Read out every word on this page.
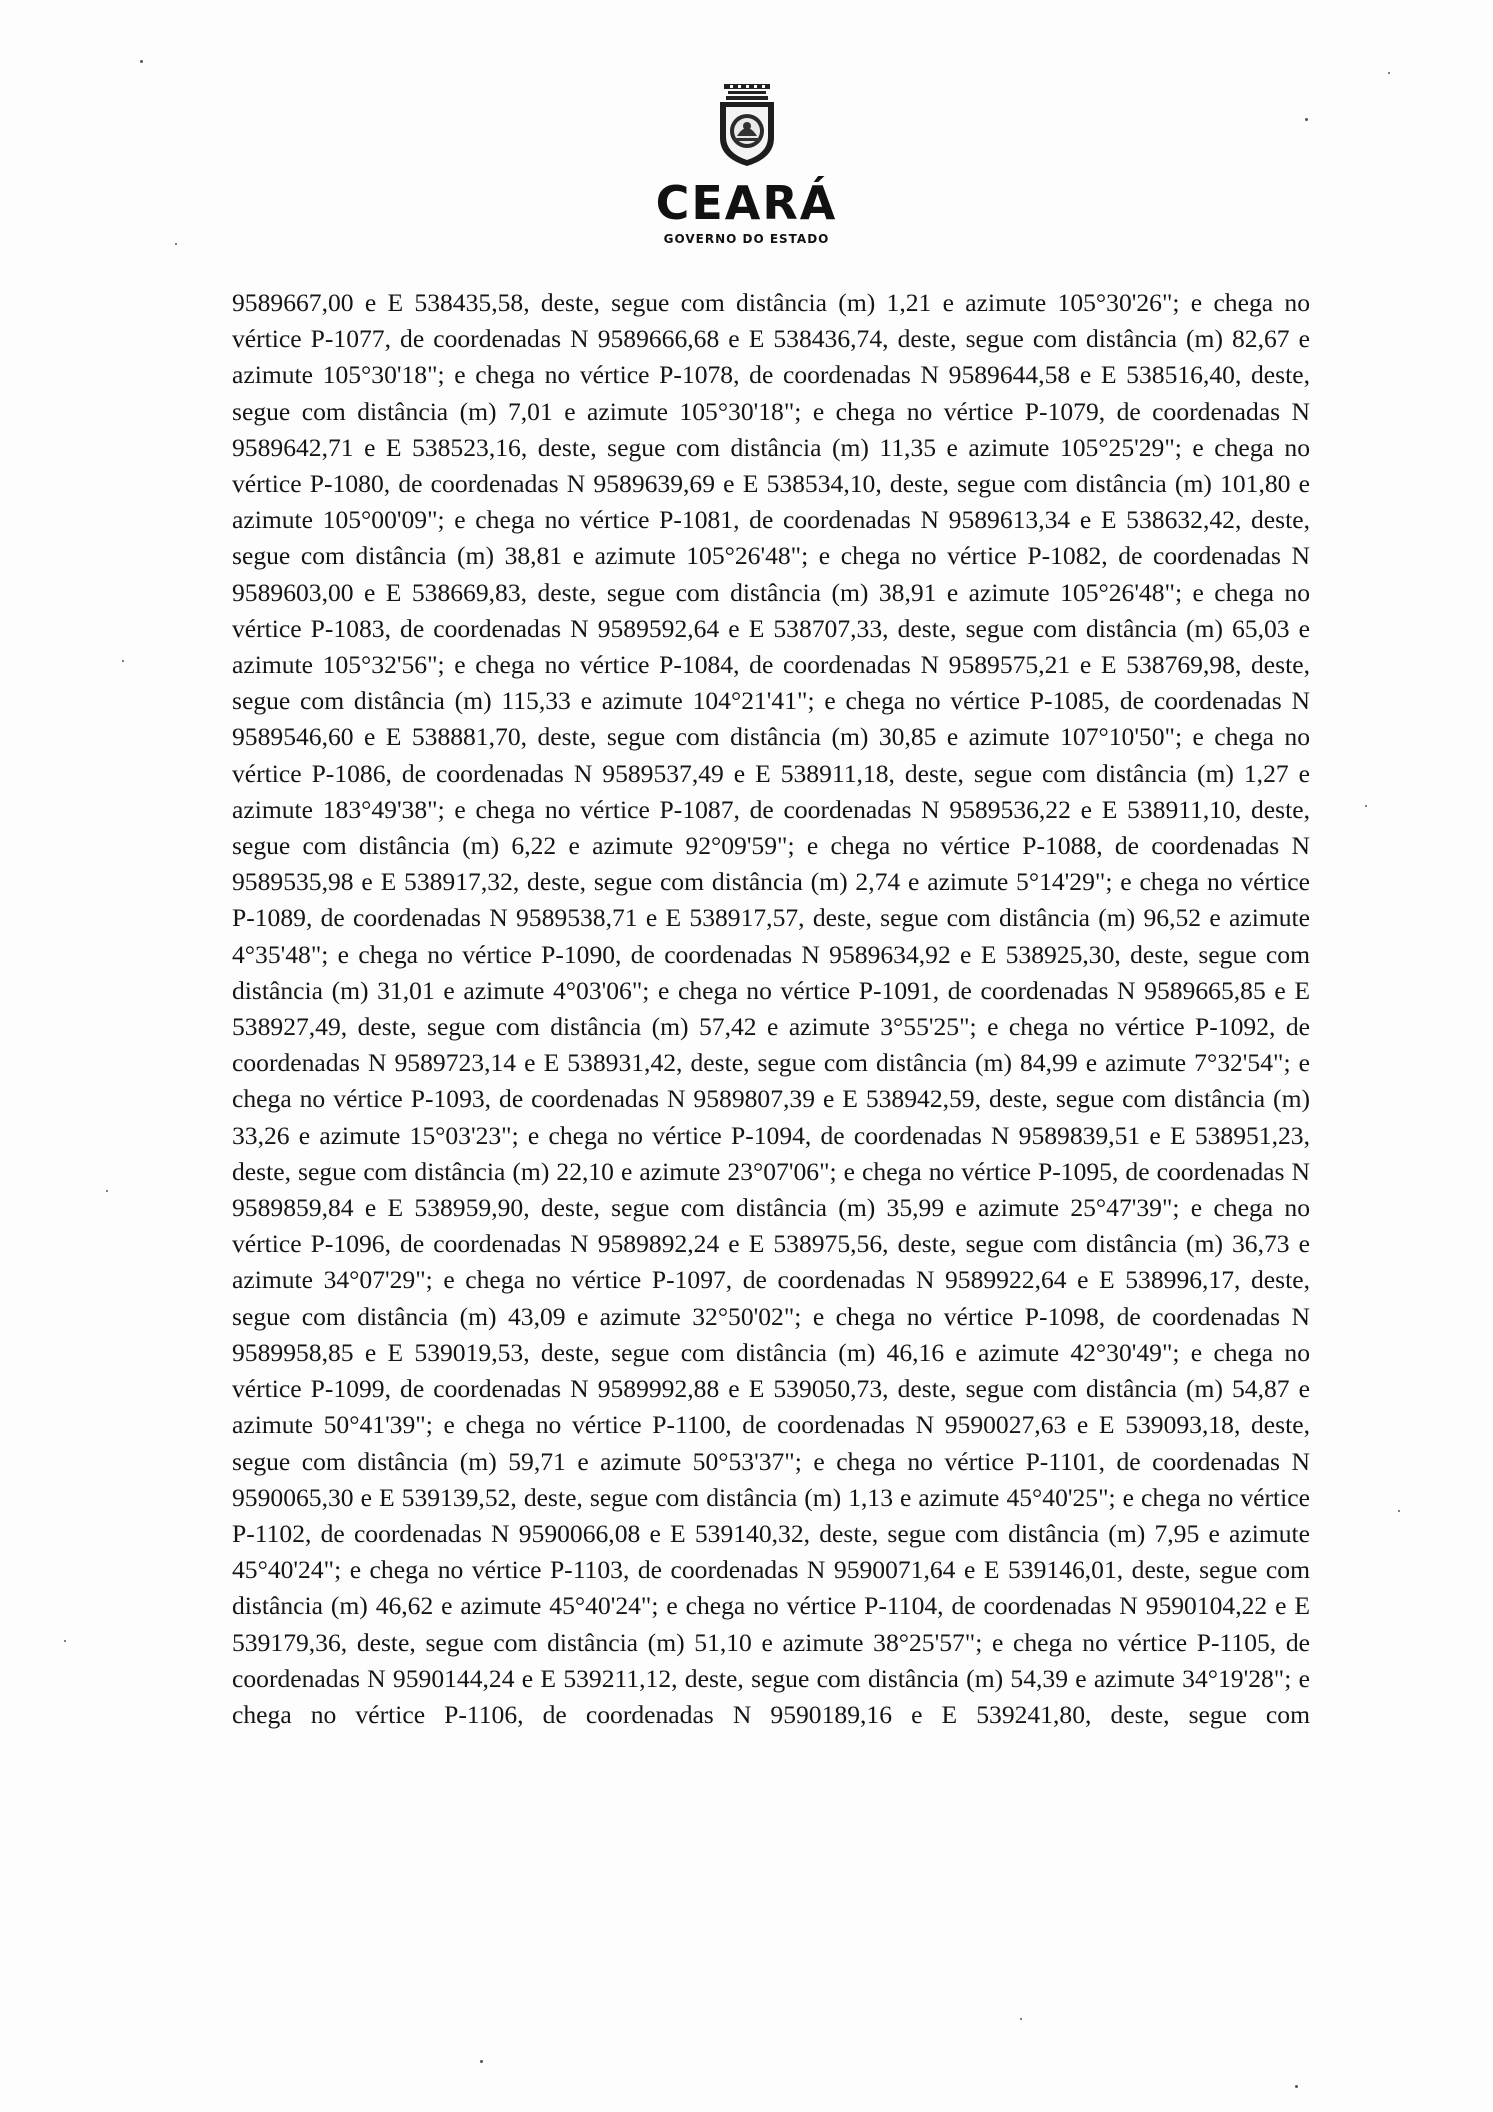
CEARÁ
GOVERNO DO ESTADO

9589667,00 e E 538435,58, deste, segue com distância (m) 1,21 e azimute 105°30'26"; e chega no vértice P-1077, de coordenadas N 9589666,68 e E 538436,74, deste, segue com distância (m) 82,67 e azimute 105°30'18"; e chega no vértice P-1078, de coordenadas N 9589644,58 e E 538516,40, deste, segue com distância (m) 7,01 e azimute 105°30'18"; e chega no vértice P-1079, de coordenadas N 9589642,71 e E 538523,16, deste, segue com distância (m) 11,35 e azimute 105°25'29"; e chega no vértice P-1080, de coordenadas N 9589639,69 e E 538534,10, deste, segue com distância (m) 101,80 e azimute 105°00'09"; e chega no vértice P-1081, de coordenadas N 9589613,34 e E 538632,42, deste, segue com distância (m) 38,81 e azimute 105°26'48"; e chega no vértice P-1082, de coordenadas N 9589603,00 e E 538669,83, deste, segue com distância (m) 38,91 e azimute 105°26'48"; e chega no vértice P-1083, de coordenadas N 9589592,64 e E 538707,33, deste, segue com distância (m) 65,03 e azimute 105°32'56"; e chega no vértice P-1084, de coordenadas N 9589575,21 e E 538769,98, deste, segue com distância (m) 115,33 e azimute 104°21'41"; e chega no vértice P-1085, de coordenadas N 9589546,60 e E 538881,70, deste, segue com distância (m) 30,85 e azimute 107°10'50"; e chega no vértice P-1086, de coordenadas N 9589537,49 e E 538911,18, deste, segue com distância (m) 1,27 e azimute 183°49'38"; e chega no vértice P-1087, de coordenadas N 9589536,22 e E 538911,10, deste, segue com distância (m) 6,22 e azimute 92°09'59"; e chega no vértice P-1088, de coordenadas N 9589535,98 e E 538917,32, deste, segue com distância (m) 2,74 e azimute 5°14'29"; e chega no vértice P-1089, de coordenadas N 9589538,71 e E 538917,57, deste, segue com distância (m) 96,52 e azimute 4°35'48"; e chega no vértice P-1090, de coordenadas N 9589634,92 e E 538925,30, deste, segue com distância (m) 31,01 e azimute 4°03'06"; e chega no vértice P-1091, de coordenadas N 9589665,85 e E 538927,49, deste, segue com distância (m) 57,42 e azimute 3°55'25"; e chega no vértice P-1092, de coordenadas N 9589723,14 e E 538931,42, deste, segue com distância (m) 84,99 e azimute 7°32'54"; e chega no vértice P-1093, de coordenadas N 9589807,39 e E 538942,59, deste, segue com distância (m) 33,26 e azimute 15°03'23"; e chega no vértice P-1094, de coordenadas N 9589839,51 e E 538951,23, deste, segue com distância (m) 22,10 e azimute 23°07'06"; e chega no vértice P-1095, de coordenadas N 9589859,84 e E 538959,90, deste, segue com distância (m) 35,99 e azimute 25°47'39"; e chega no vértice P-1096, de coordenadas N 9589892,24 e E 538975,56, deste, segue com distância (m) 36,73 e azimute 34°07'29"; e chega no vértice P-1097, de coordenadas N 9589922,64 e E 538996,17, deste, segue com distância (m) 43,09 e azimute 32°50'02"; e chega no vértice P-1098, de coordenadas N 9589958,85 e E 539019,53, deste, segue com distância (m) 46,16 e azimute 42°30'49"; e chega no vértice P-1099, de coordenadas N 9589992,88 e E 539050,73, deste, segue com distância (m) 54,87 e azimute 50°41'39"; e chega no vértice P-1100, de coordenadas N 9590027,63 e E 539093,18, deste, segue com distância (m) 59,71 e azimute 50°53'37"; e chega no vértice P-1101, de coordenadas N 9590065,30 e E 539139,52, deste, segue com distância (m) 1,13 e azimute 45°40'25"; e chega no vértice P-1102, de coordenadas N 9590066,08 e E 539140,32, deste, segue com distância (m) 7,95 e azimute 45°40'24"; e chega no vértice P-1103, de coordenadas N 9590071,64 e E 539146,01, deste, segue com distância (m) 46,62 e azimute 45°40'24"; e chega no vértice P-1104, de coordenadas N 9590104,22 e E 539179,36, deste, segue com distância (m) 51,10 e azimute 38°25'57"; e chega no vértice P-1105, de coordenadas N 9590144,24 e E 539211,12, deste, segue com distância (m) 54,39 e azimute 34°19'28"; e chega no vértice P-1106, de coordenadas N 9590189,16 e E 539241,80, deste, segue com
